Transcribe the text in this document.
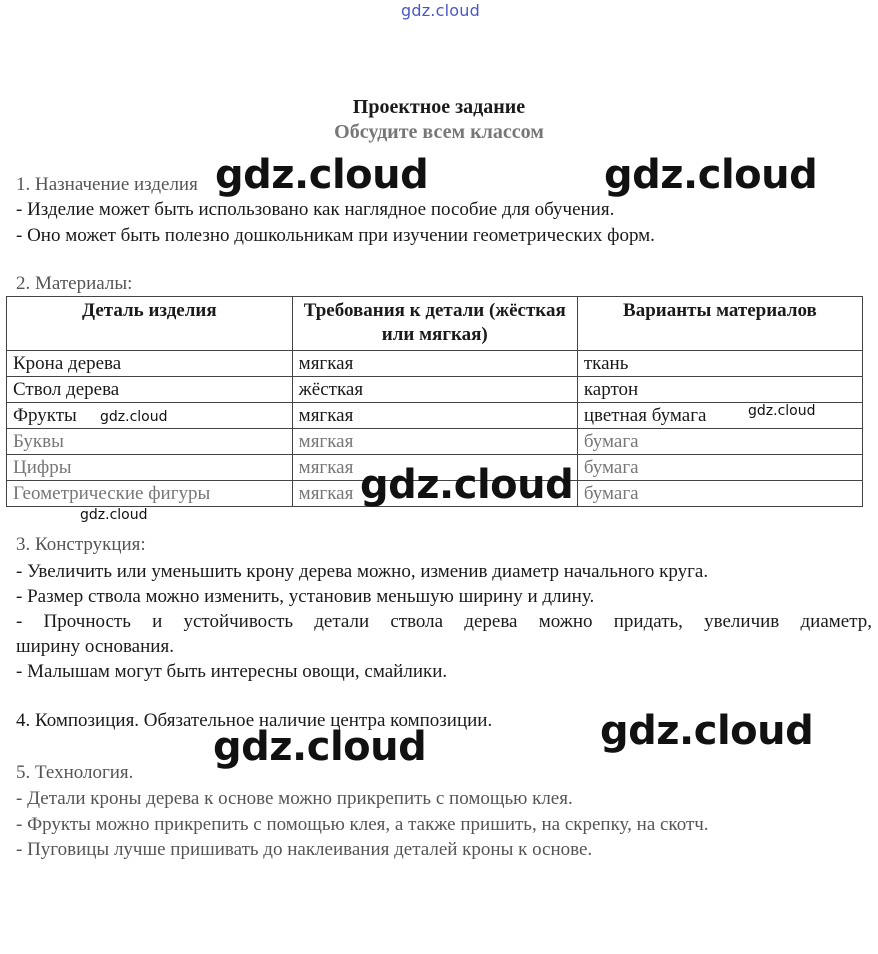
gdz.cloud
gdz.cloud	gdz.cloud
Проектное задание
Обсудите всем классом
1. Назначение изделия
- Изделие может быть использовано как наглядное пособие для обучения.
- Оно может быть полезно дошкольникам при изучении геометрических форм.
2. Материалы:
Деталь изделия	Требования к детали (жёсткая или мягкая)	Варианты материалов
Крона дерева	мягкая	ткань
Ствол дерева	жёсткая	картон
Фрукты	мягкая	цветная бумага
Буквы	мягкая	бумага
Цифры	мягкая	бумага
Геометрические фигуры	мягкая	бумага
gdz.cloud	gdz.cloud
gdz.cloud
gdz.cloud
3. Конструкция:
- Увеличить или уменьшить крону дерева можно, изменив диаметр начального круга.
- Размер ствола можно изменить, установив меньшую ширину и длину.
- Прочность и устойчивость детали ствола дерева можно придать, увеличив диаметр,
ширину основания.
- Малышам могут быть интересны овощи, смайлики.
4. Композиция. Обязательное наличие центра композиции.	gdz.cloud
gdz.cloud
5. Технология.
- Детали кроны дерева к основе можно прикрепить с помощью клея.
- Фрукты можно прикрепить с помощью клея, а также пришить, на скрепку, на скотч.
- Пуговицы лучше пришивать до наклеивания деталей кроны к основе.
